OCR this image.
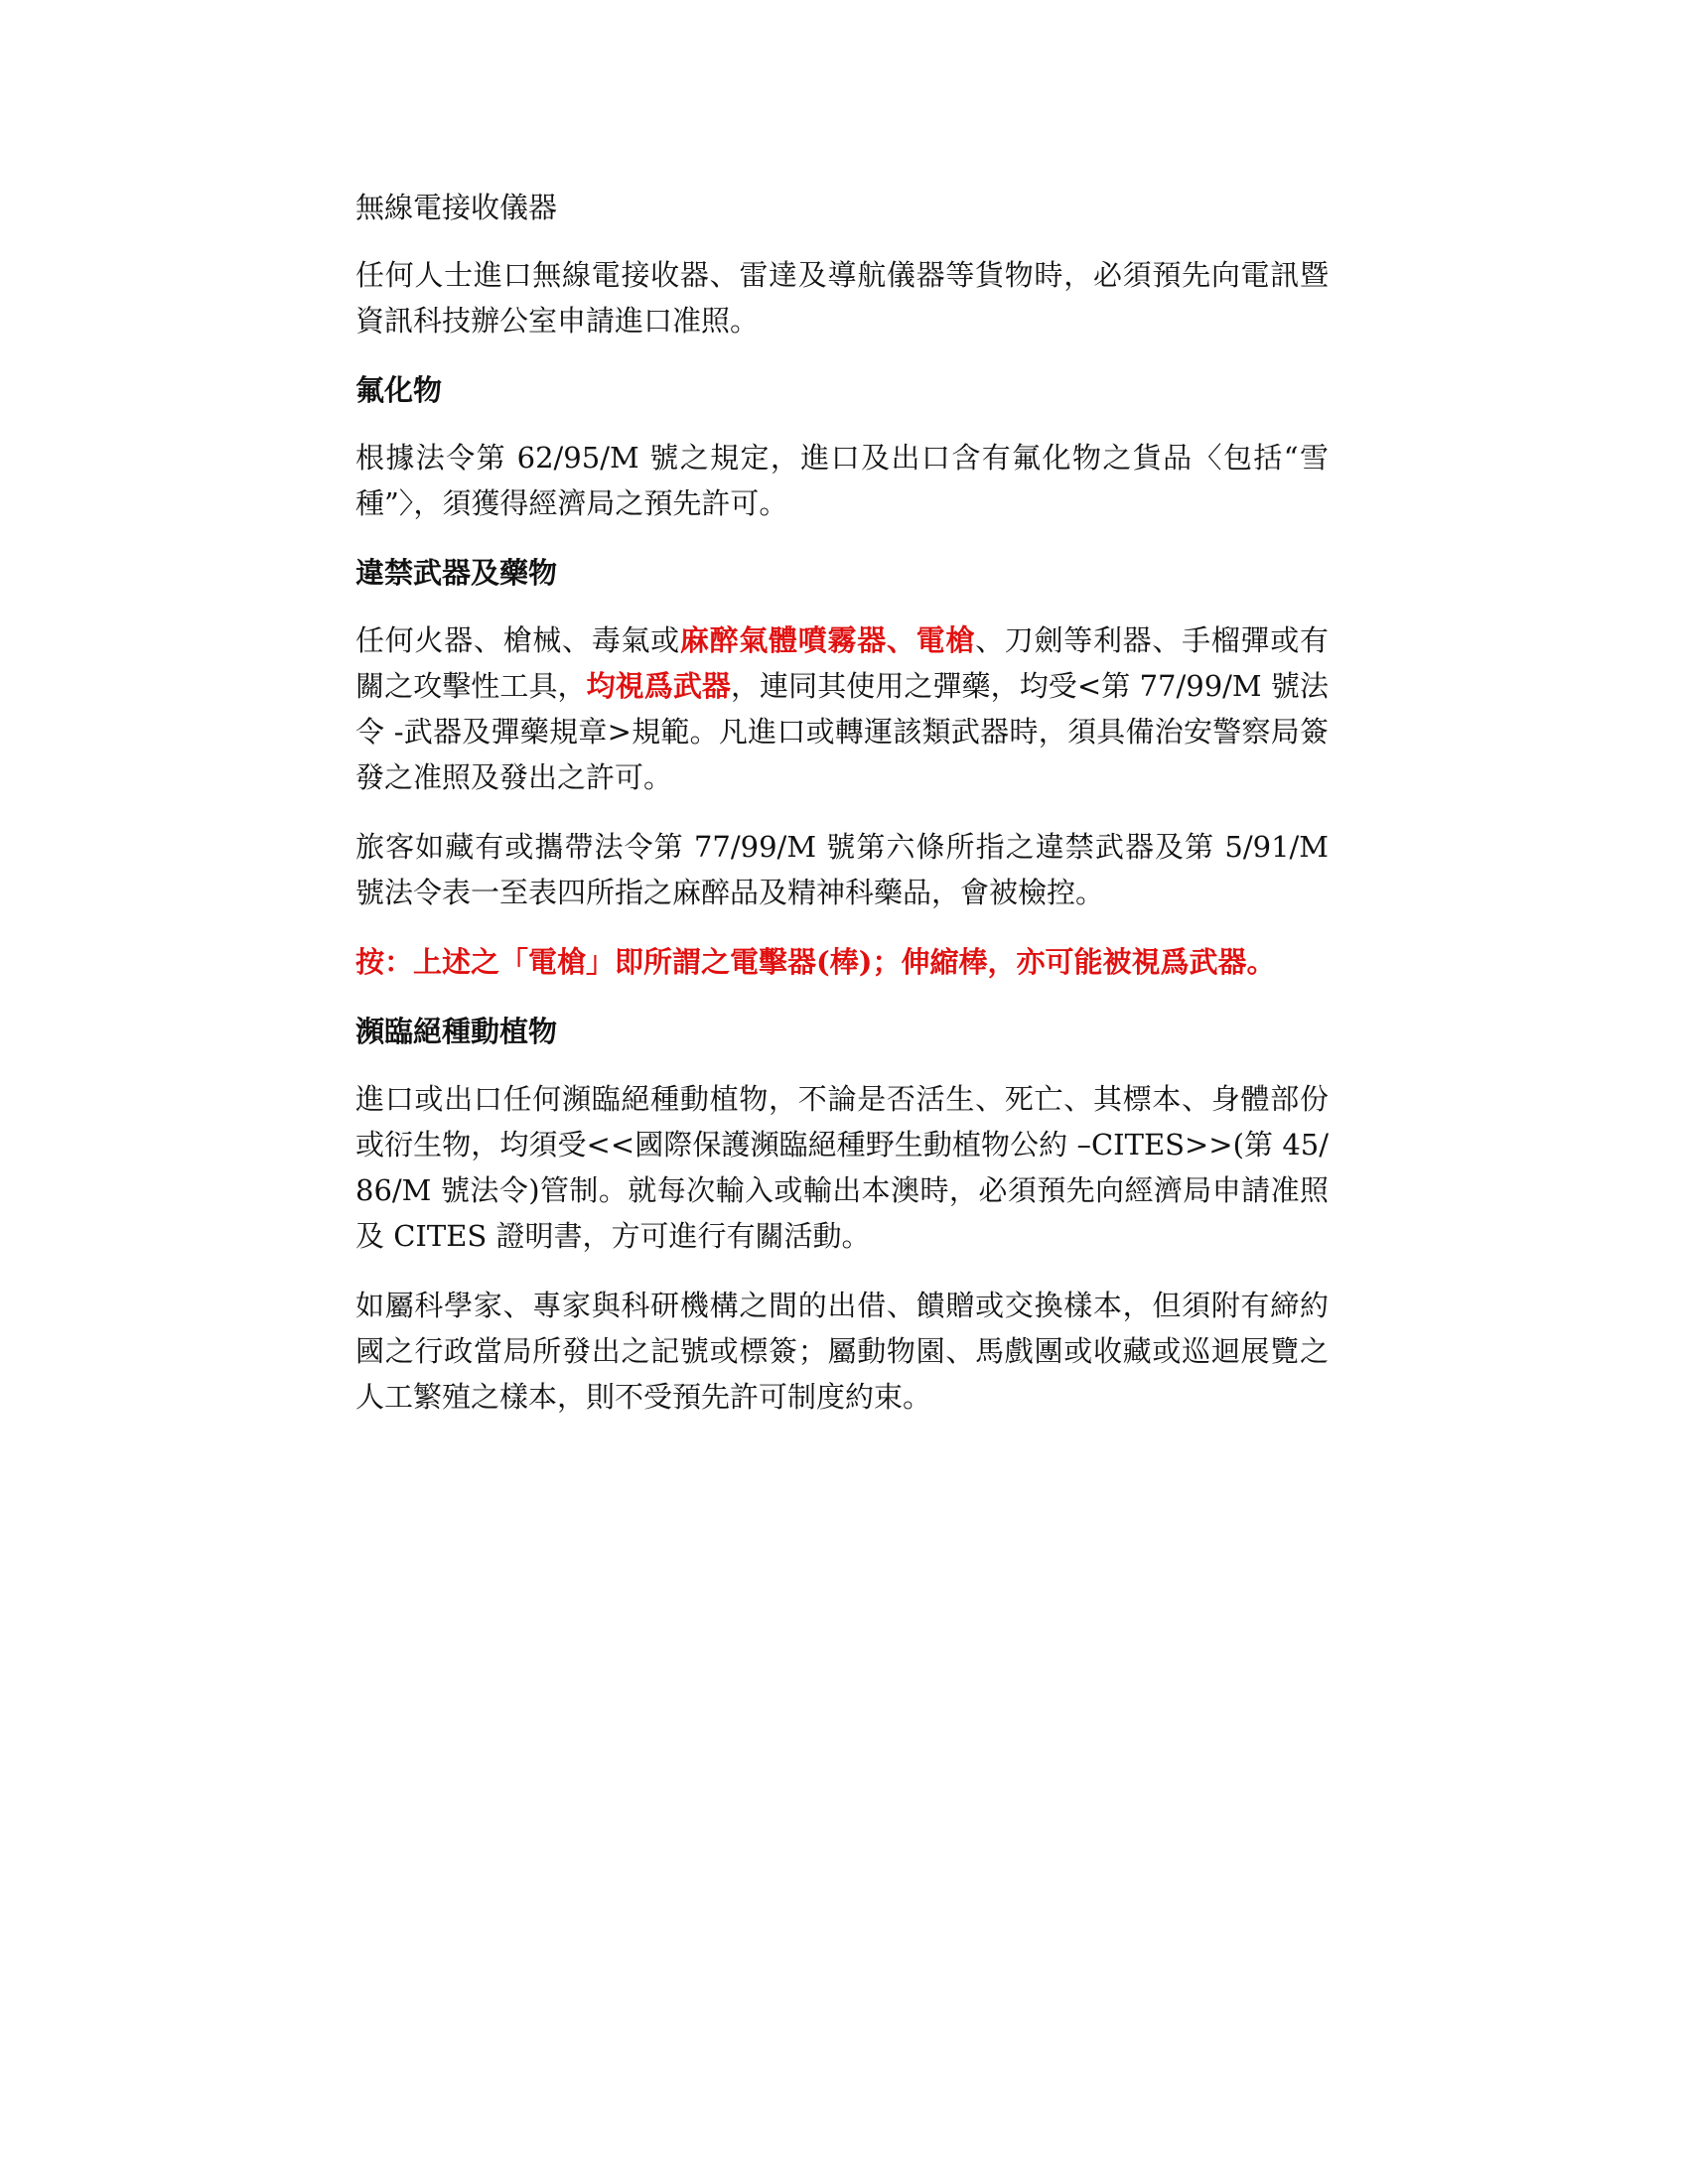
無線電接收儀器

任何人士進口無線電接收器、雷達及導航儀器等貨物時，必須預先向電訊暨資訊科技辦公室申請進口准照。

氟化物

根據法令第 62/95/M 號之規定，進口及出口含有氟化物之貨品〈包括“雪種”〉，須獲得經濟局之預先許可。

違禁武器及藥物

任何火器、槍械、毒氣或麻醉氣體噴霧器、電槍、刀劍等利器、手榴彈或有關之攻擊性工具，均視爲武器，連同其使用之彈藥，均受<第 77/99/M 號法令 -武器及彈藥規章>規範。凡進口或轉運該類武器時，須具備治安警察局簽發之准照及發出之許可。

旅客如藏有或攜帶法令第 77/99/M 號第六條所指之違禁武器及第 5/91/M 號法令表一至表四所指之麻醉品及精神科藥品，會被檢控。

按：上述之「電槍」即所謂之電擊器(棒)；伸縮棒，亦可能被視爲武器。

瀕臨絕種動植物

進口或出口任何瀕臨絕種動植物，不論是否活生、死亡、其標本、身體部份或衍生物，均須受<<國際保護瀕臨絕種野生動植物公約 –CITES>>(第 45/86/M 號法令)管制。就每次輸入或輸出本澳時，必須預先向經濟局申請准照及 CITES 證明書，方可進行有關活動。

如屬科學家、專家與科研機構之間的出借、饋贈或交換樣本，但須附有締約國之行政當局所發出之記號或標簽；屬動物園、馬戲團或收藏或巡迴展覽之人工繁殖之樣本，則不受預先許可制度約束。
